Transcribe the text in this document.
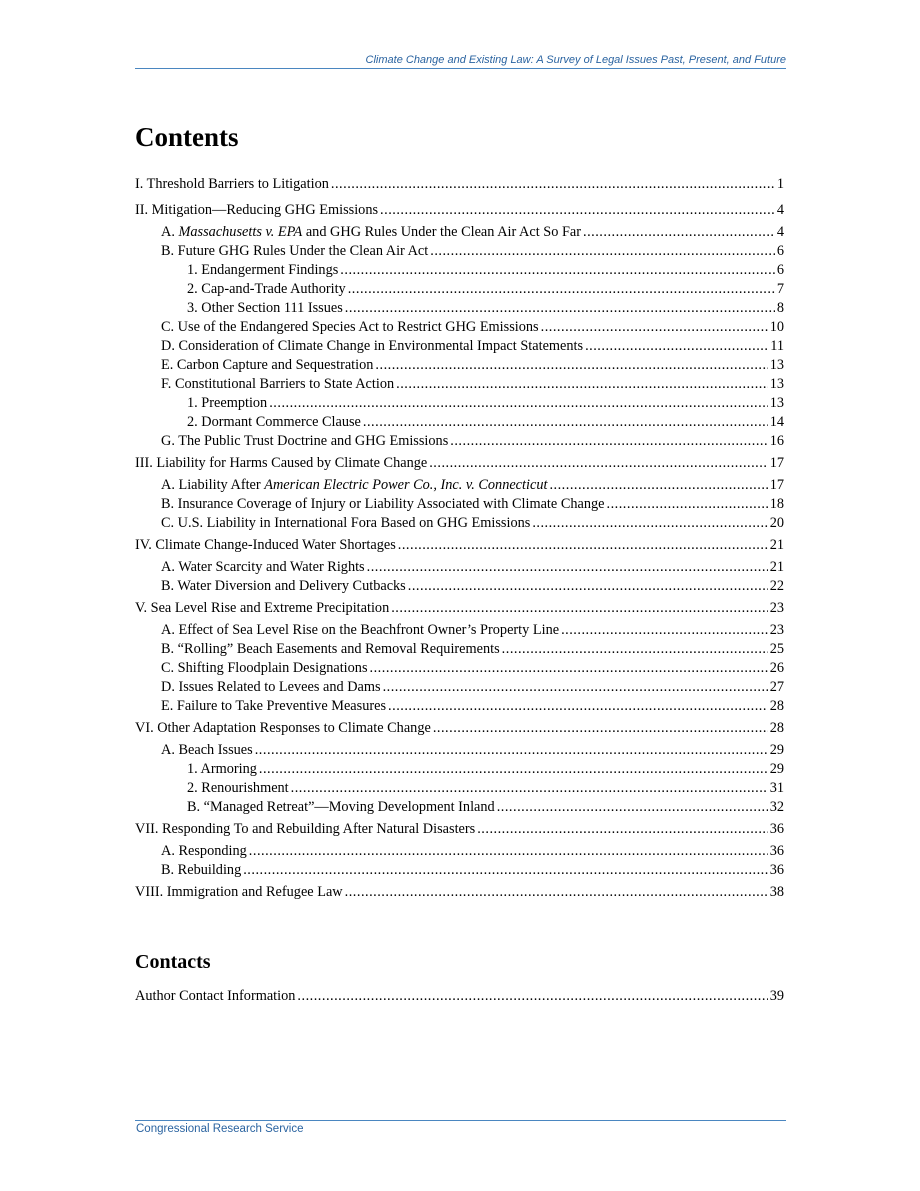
Climate Change and Existing Law: A Survey of Legal Issues Past, Present, and Future
Contents
I. Threshold Barriers to Litigation .....	1
II. Mitigation—Reducing GHG Emissions .....	4
A. Massachusetts v. EPA and GHG Rules Under the Clean Air Act So Far .....	4
B. Future GHG Rules Under the Clean Air Act .....	6
1. Endangerment Findings .....	6
2. Cap-and-Trade Authority .....	7
3. Other Section 111 Issues .....	8
C. Use of the Endangered Species Act to Restrict GHG Emissions .....	10
D. Consideration of Climate Change in Environmental Impact Statements .....	11
E. Carbon Capture and Sequestration .....	13
F. Constitutional Barriers to State Action .....	13
1. Preemption .....	13
2. Dormant Commerce Clause .....	14
G. The Public Trust Doctrine and GHG Emissions .....	16
III. Liability for Harms Caused by Climate Change .....	17
A. Liability After American Electric Power Co., Inc. v. Connecticut .....	17
B. Insurance Coverage of Injury or Liability Associated with Climate Change .....	18
C. U.S. Liability in International Fora Based on GHG Emissions .....	20
IV. Climate Change-Induced Water Shortages .....	21
A. Water Scarcity and Water Rights .....	21
B. Water Diversion and Delivery Cutbacks .....	22
V. Sea Level Rise and Extreme Precipitation .....	23
A. Effect of Sea Level Rise on the Beachfront Owner’s Property Line .....	23
B. “Rolling” Beach Easements and Removal Requirements .....	25
C. Shifting Floodplain Designations .....	26
D. Issues Related to Levees and Dams .....	27
E. Failure to Take Preventive Measures .....	28
VI. Other Adaptation Responses to Climate Change .....	28
A. Beach Issues .....	29
1. Armoring .....	29
2. Renourishment .....	31
B. “Managed Retreat”—Moving Development Inland .....	32
VII. Responding To and Rebuilding After Natural Disasters .....	36
A. Responding .....	36
B. Rebuilding .....	36
VIII. Immigration and Refugee Law .....	38
Contacts
Author Contact Information .....	39
Congressional Research Service
